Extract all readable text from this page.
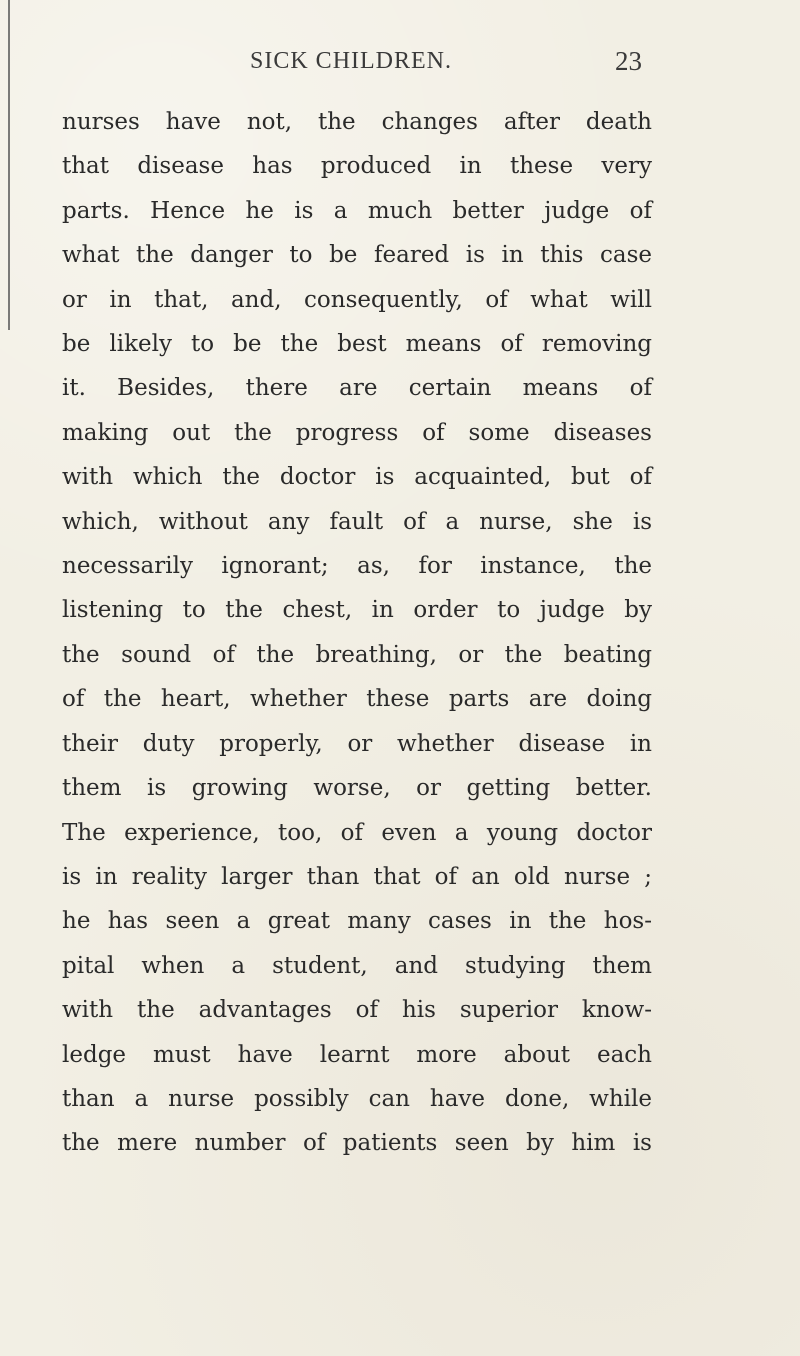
SICK CHILDREN.	23
nurses have not, the changes after death
that disease has produced in these very
parts. Hence he is a much better judge of
what the danger to be feared is in this case
or in that, and, consequently, of what will
be likely to be the best means of removing
it. Besides, there are certain means of
making out the progress of some diseases
with which the doctor is acquainted, but of
which, without any fault of a nurse, she is
necessarily ignorant; as, for instance, the
listening to the chest, in order to judge by
the sound of the breathing, or the beating
of the heart, whether these parts are doing
their duty properly, or whether disease in
them is growing worse, or getting better.
The experience, too, of even a young doctor
is in reality larger than that of an old nurse ;
he has seen a great many cases in the hos-
pital when a student, and studying them
with the advantages of his superior know-
ledge must have learnt more about each
than a nurse possibly can have done, while
the mere number of patients seen by him is
